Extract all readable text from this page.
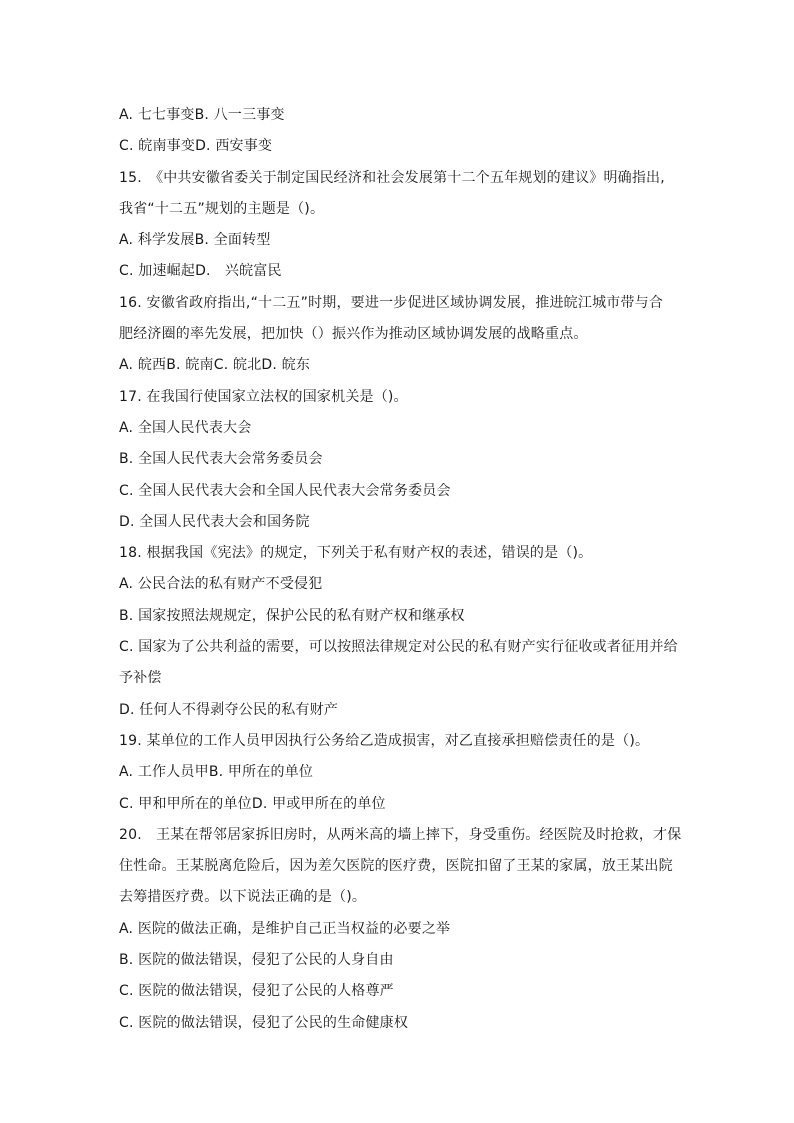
A. 七七事变B. 八一三事变
C. 皖南事变D. 西安事变
15.　《中共安徽省委关于制定国民经济和社会发展第十二个五年规划的建议》明确指出,
我省“十二五”规划的主题是（)。
A. 科学发展B. 全面转型
C. 加速崛起D.　兴皖富民
16. 安徽省政府指出,“十二五”时期，要进一步促进区域协调发展，推进皖江城市带与合
肥经济圈的率先发展，把加快（）振兴作为推动区域协调发展的战略重点。
A. 皖西B. 皖南C. 皖北D. 皖东
17. 在我国行使国家立法权的国家机关是（)。
A. 全国人民代表大会
B. 全国人民代表大会常务委员会
C. 全国人民代表大会和全国人民代表大会常务委员会
D. 全国人民代表大会和国务院
18. 根据我国《宪法》的规定，下列关于私有财产权的表述，错误的是（)。
A. 公民合法的私有财产不受侵犯
B. 国家按照法规规定，保护公民的私有财产权和继承权
C. 国家为了公共利益的需要，可以按照法律规定对公民的私有财产实行征收或者征用并给
予补偿
D. 任何人不得剥夺公民的私有财产
19. 某单位的工作人员甲因执行公务给乙造成损害，对乙直接承担赔偿责任的是（)。
A. 工作人员甲B. 甲所在的单位
C. 甲和甲所在的单位D. 甲或甲所在的单位
20.　王某在帮邻居家拆旧房时，从两米高的墙上摔下，身受重伤。经医院及时抢救，才保
住性命。王某脱离危险后，因为差欠医院的医疗费，医院扣留了王某的家属，放王某出院
去筹措医疗费。以下说法正确的是（)。
A. 医院的做法正确，是维护自己正当权益的必要之举
B. 医院的做法错误，侵犯了公民的人身自由
C. 医院的做法错误，侵犯了公民的人格尊严
C. 医院的做法错误，侵犯了公民的生命健康权
